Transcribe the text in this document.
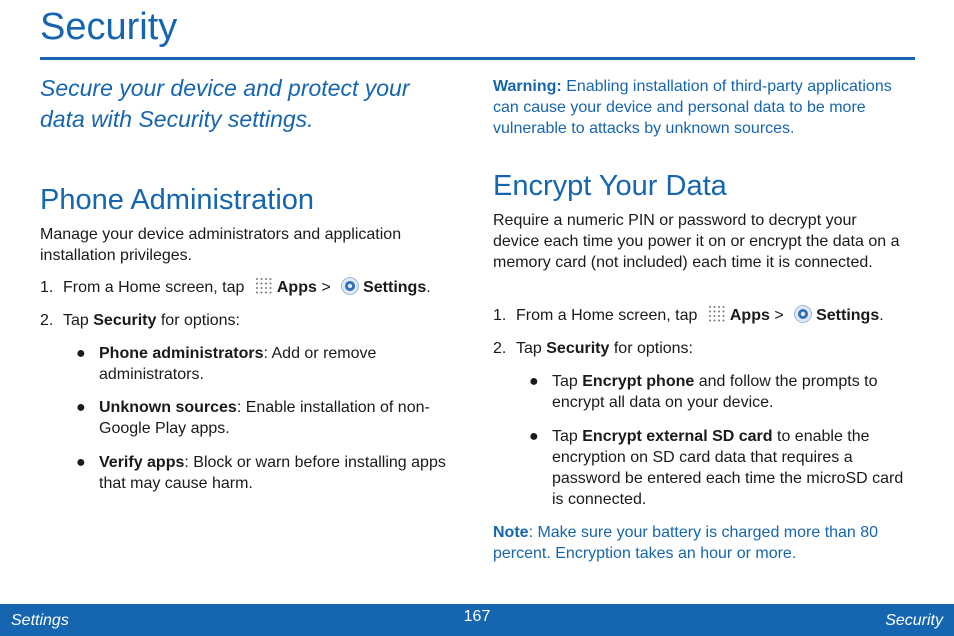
Security

Secure your device and protect your data with Security settings.

Phone Administration

Manage your device administrators and application installation privileges.

1. From a Home screen, tap Apps > Settings.

2. Tap Security for options:

● Phone administrators: Add or remove administrators.

● Unknown sources: Enable installation of non-Google Play apps.

● Verify apps: Block or warn before installing apps that may cause harm.

Warning: Enabling installation of third-party applications can cause your device and personal data to be more vulnerable to attacks by unknown sources.

Encrypt Your Data

Require a numeric PIN or password to decrypt your device each time you power it on or encrypt the data on a memory card (not included) each time it is connected.

1. From a Home screen, tap Apps > Settings.

2. Tap Security for options:

● Tap Encrypt phone and follow the prompts to encrypt all data on your device.

● Tap Encrypt external SD card to enable the encryption on SD card data that requires a password be entered each time the microSD card is connected.

Note: Make sure your battery is charged more than 80 percent. Encryption takes an hour or more.

Settings	167	Security
